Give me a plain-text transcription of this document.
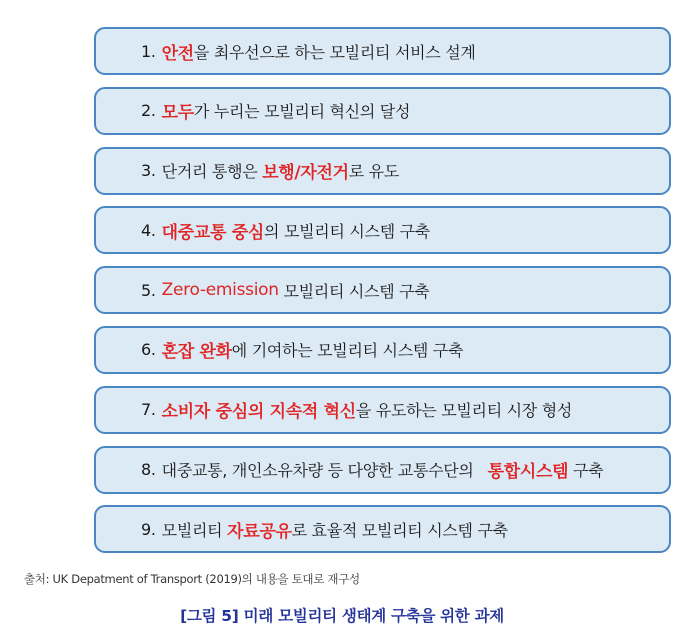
1. 안전 을 최우선으로 하는 모빌리티 서비스 설계
2. 모두 가 누리는 모빌리티 혁신의 달성
3. 단거리 통행은 보행/자전거 로 유도
4. 대중교통 중심 의 모빌리티 시스템 구축
5. Zero-emission 모빌리티 시스템 구축
6. 혼잡 완화 에 기여하는 모빌리티 시스템 구축
7. 소비자 중심의 지속적 혁신 을 유도하는 모빌리티 시장 형성
8. 대중교통, 개인소유차량 등 다양한 교통수단의 통합시스템 구축
9. 모빌리티 자료공유 로 효율적 모빌리티 시스템 구축
출처: UK Depatment of Transport (2019)의 내용을 토대로 재구성
[그림 5] 미래 모빌리티 생태계 구축을 위한 과제
